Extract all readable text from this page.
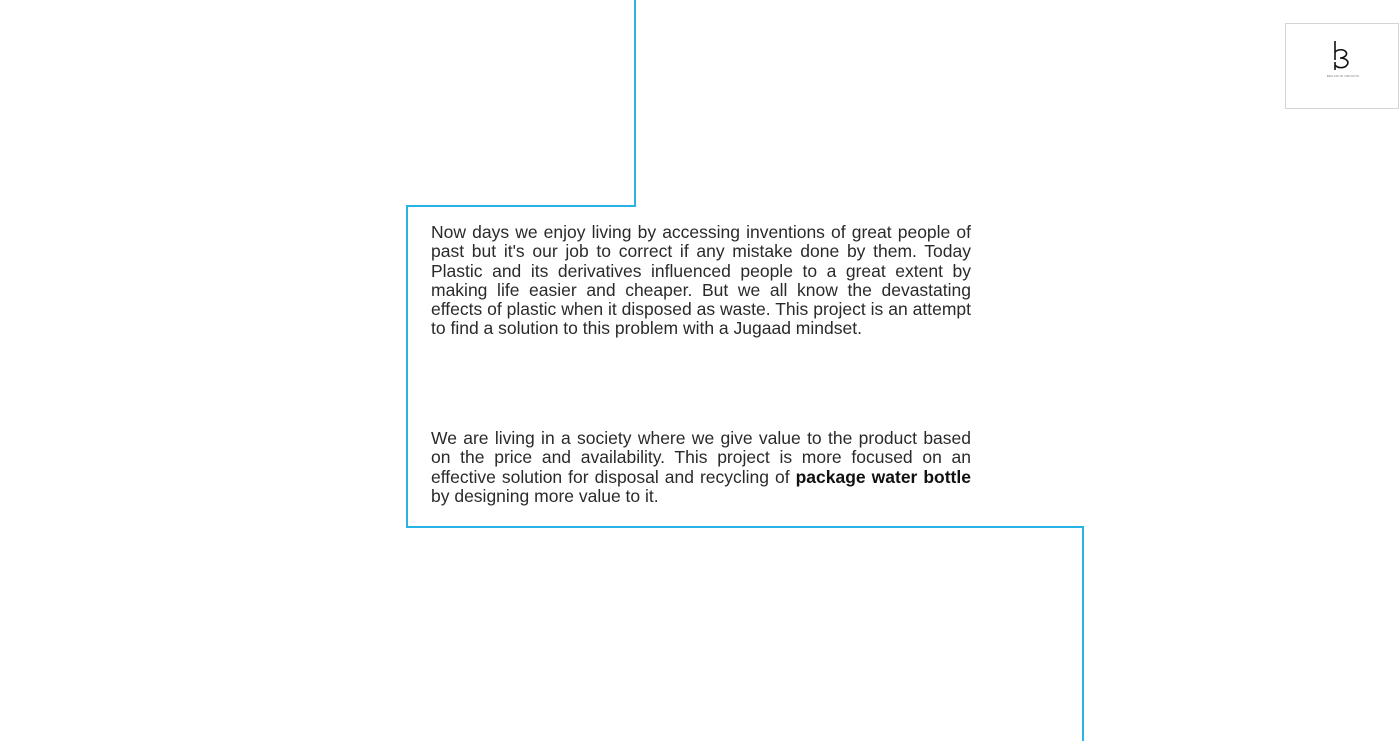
BEKAPUR ORIGINS

Now days we enjoy living by accessing inventions of great people of past but it's our job to correct if any mistake done by them. Today Plastic and its derivatives influenced people to a great extent by making life easier and cheaper. But we all know the devastating effects of plastic when it disposed as waste. This project is an attempt to find a solution to this problem with a Jugaad mindset.

We are living in a society where we give value to the product based on the price and availability. This project is more focused on an effective solution for disposal and recycling of package water bottle by designing more value to it.
